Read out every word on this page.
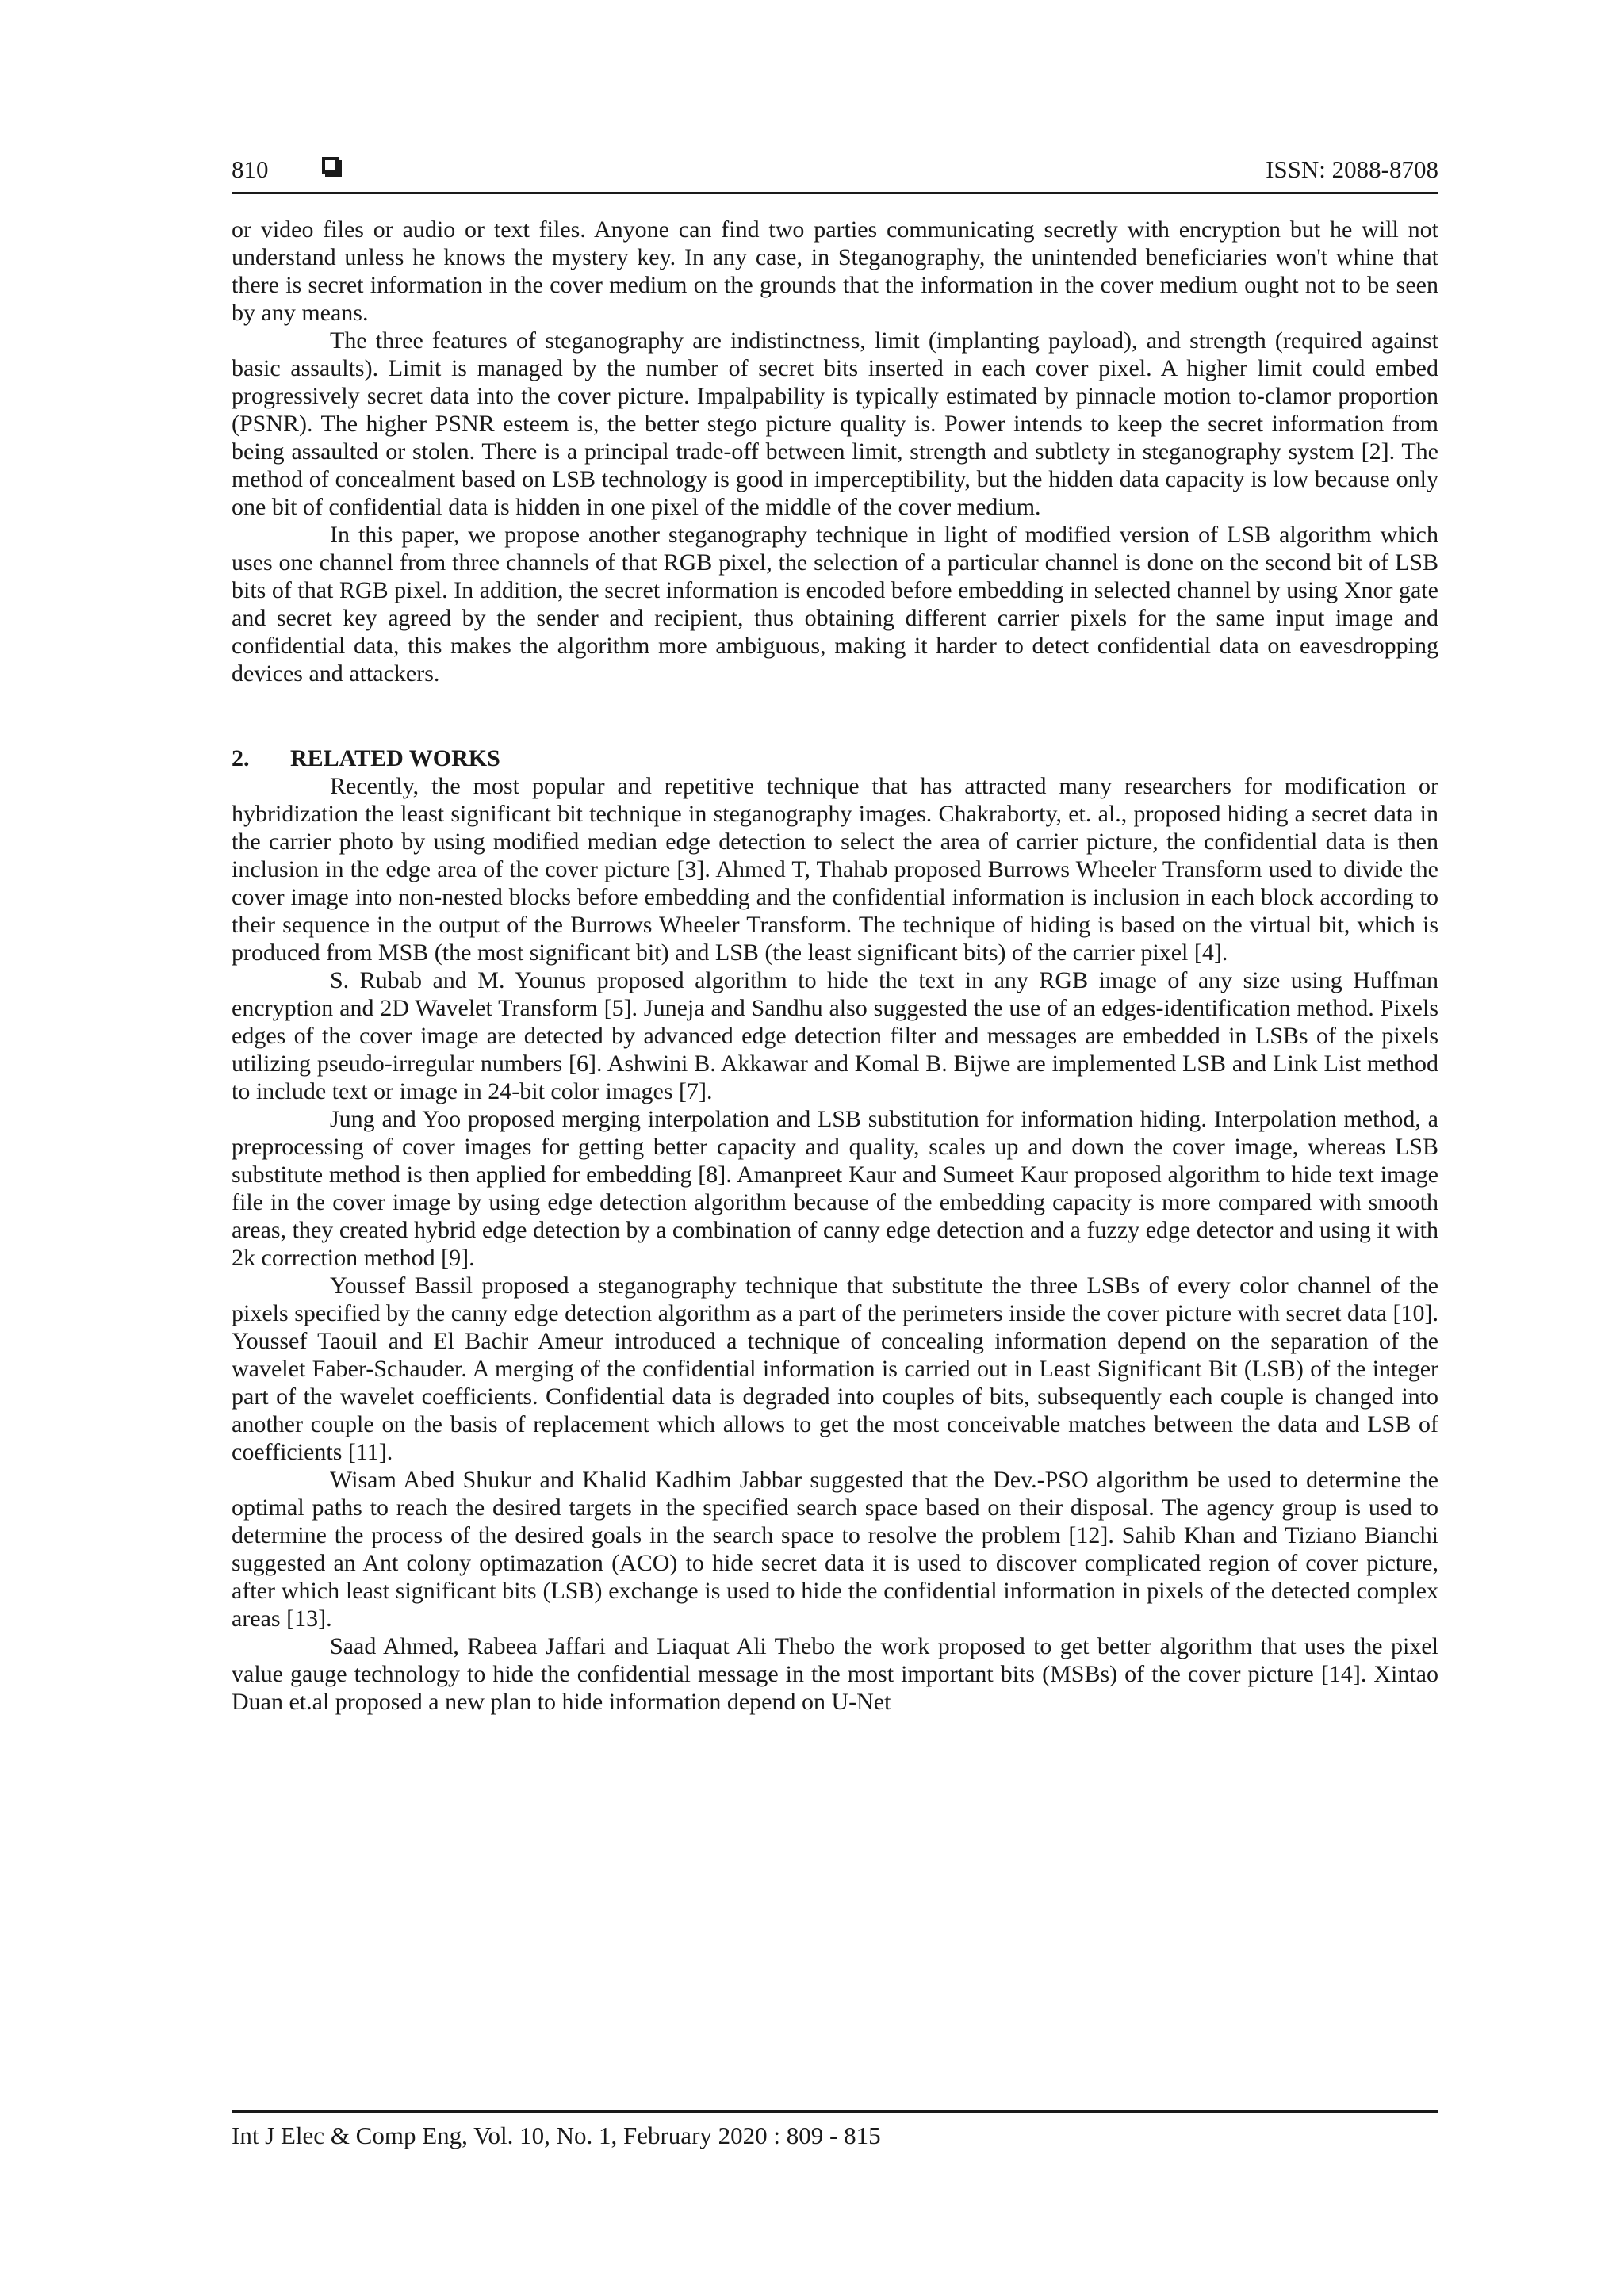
810	ISSN: 2088-8708

or video files or audio or text files. Anyone can find two parties communicating secretly with encryption but he will not understand unless he knows the mystery key. In any case, in Steganography, the unintended beneficiaries won't whine that there is secret information in the cover medium on the grounds that the information in the cover medium ought not to be seen by any means.

The three features of steganography are indistinctness, limit (implanting payload), and strength (required against basic assaults). Limit is managed by the number of secret bits inserted in each cover pixel. A higher limit could embed progressively secret data into the cover picture. Impalpability is typically estimated by pinnacle motion to-clamor proportion (PSNR). The higher PSNR esteem is, the better stego picture quality is. Power intends to keep the secret information from being assaulted or stolen. There is a principal trade-off between limit, strength and subtlety in steganography system [2]. The method of concealment based on LSB technology is good in imperceptibility, but the hidden data capacity is low because only one bit of confidential data is hidden in one pixel of the middle of the cover medium.

In this paper, we propose another steganography technique in light of modified version of LSB algorithm which uses one channel from three channels of that RGB pixel, the selection of a particular channel is done on the second bit of LSB bits of that RGB pixel. In addition, the secret information is encoded before embedding in selected channel by using Xnor gate and secret key agreed by the sender and recipient, thus obtaining different carrier pixels for the same input image and confidential data, this makes the algorithm more ambiguous, making it harder to detect confidential data on eavesdropping devices and attackers.

2. RELATED WORKS

Recently, the most popular and repetitive technique that has attracted many researchers for modification or hybridization the least significant bit technique in steganography images. Chakraborty, et. al., proposed hiding a secret data in the carrier photo by using modified median edge detection to select the area of carrier picture, the confidential data is then inclusion in the edge area of the cover picture [3]. Ahmed T, Thahab proposed Burrows Wheeler Transform used to divide the cover image into non-nested blocks before embedding and the confidential information is inclusion in each block according to their sequence in the output of the Burrows Wheeler Transform. The technique of hiding is based on the virtual bit, which is produced from MSB (the most significant bit) and LSB (the least significant bits) of the carrier pixel [4].

S. Rubab and M. Younus proposed algorithm to hide the text in any RGB image of any size using Huffman encryption and 2D Wavelet Transform [5]. Juneja and Sandhu also suggested the use of an edges-identification method. Pixels edges of the cover image are detected by advanced edge detection filter and messages are embedded in LSBs of the pixels utilizing pseudo-irregular numbers [6]. Ashwini B. Akkawar and Komal B. Bijwe are implemented LSB and Link List method to include text or image in 24-bit color images [7].

Jung and Yoo proposed merging interpolation and LSB substitution for information hiding. Interpolation method, a preprocessing of cover images for getting better capacity and quality, scales up and down the cover image, whereas LSB substitute method is then applied for embedding [8]. Amanpreet Kaur and Sumeet Kaur proposed algorithm to hide text image file in the cover image by using edge detection algorithm because of the embedding capacity is more compared with smooth areas, they created hybrid edge detection by a combination of canny edge detection and a fuzzy edge detector and using it with 2k correction method [9].

Youssef Bassil proposed a steganography technique that substitute the three LSBs of every color channel of the pixels specified by the canny edge detection algorithm as a part of the perimeters inside the cover picture with secret data [10]. Youssef Taouil and El Bachir Ameur introduced a technique of concealing information depend on the separation of the wavelet Faber-Schauder. A merging of the confidential information is carried out in Least Significant Bit (LSB) of the integer part of the wavelet coefficients. Confidential data is degraded into couples of bits, subsequently each couple is changed into another couple on the basis of replacement which allows to get the most conceivable matches between the data and LSB of coefficients [11].

Wisam Abed Shukur and Khalid Kadhim Jabbar suggested that the Dev.-PSO algorithm be used to determine the optimal paths to reach the desired targets in the specified search space based on their disposal. The agency group is used to determine the process of the desired goals in the search space to resolve the problem [12]. Sahib Khan and Tiziano Bianchi suggested an Ant colony optimazation (ACO) to hide secret data it is used to discover complicated region of cover picture, after which least significant bits (LSB) exchange is used to hide the confidential information in pixels of the detected complex areas [13].

Saad Ahmed, Rabeea Jaffari and Liaquat Ali Thebo the work proposed to get better algorithm that uses the pixel value gauge technology to hide the confidential message in the most important bits (MSBs) of the cover picture [14]. Xintao Duan et.al proposed a new plan to hide information depend on U-Net

Int J Elec & Comp Eng, Vol. 10, No. 1, February 2020 : 809 - 815
